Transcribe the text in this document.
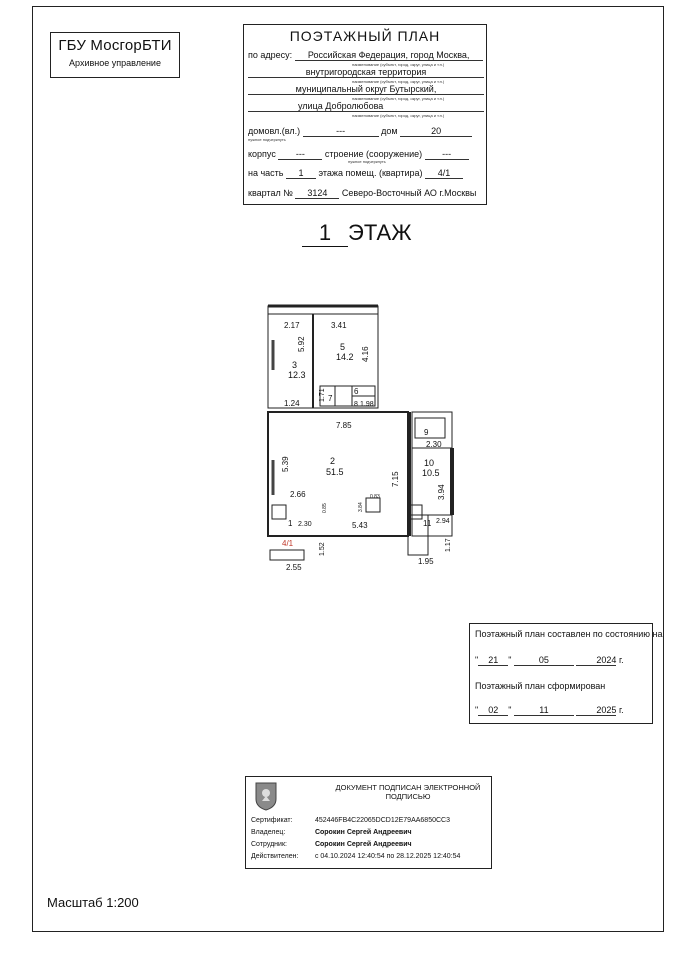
ГБУ МосгорБТИ
Архивное управление
ПОЭТАЖНЫЙ ПЛАН
по адресу: Российская Федерация, город Москва,
наименование (субъект, город, округ, улица и т.п.)
внутригородская территория
наименование (субъект, город, округ, улица и т.п.)
муниципальный округ Бутырский,
наименование (субъект, город, округ, улица и т.п.)
улица Добролюбова
наименование (субъект, город, округ, улица и т.п.)
домовл.(вл.)	---	дом	20
нужное подчеркнуть
корпус --- строение (сооружение) ---
нужное подчеркнуть
на часть 1 этажа помещ. (квартира) 4/1
квартал № 3124 Северо-Восточный АО г.Москвы
1 ЭТАЖ
2.17	3.41
5.92
4.16
3
12.3
5
14.2
1.71 7
6
8 1.98
1.24
7.85
5.39
7.15
2
51.5
2.66
0.85
0.83
3.84
9
2.30
10
10.5
3.94
5.43
1 2.30	11 2.94
1.52	1.17
4/1
2.55
1.95
Поэтажный план составлен по состоянию на
" 21 "	05	2024 г.
Поэтажный план сформирован
" 02 "	11	2025 г.
ДОКУМЕНТ ПОДПИСАН ЭЛЕКТРОННОЙ ПОДПИСЬЮ
Сертификат:	452446FB4C22065DCD12E79AA6850CC3
Владелец:	Сорокин Сергей Андреевич
Сотрудник:	Сорокин Сергей Андреевич
Действителен: с 04.10.2024 12:40:54 по 28.12.2025 12:40:54
Масштаб 1:200
